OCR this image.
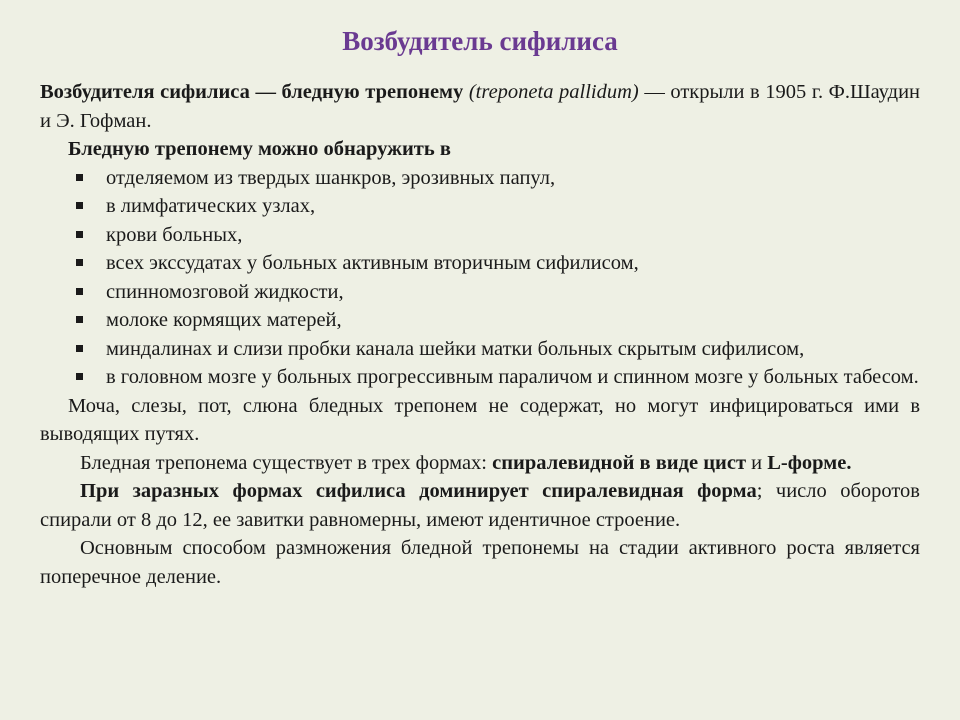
Возбудитель сифилиса

Возбудителя сифилиса — бледную трепонему (treponeta pallidum) — открыли в 1905 г. Ф.Шаудин и Э. Гофман.

Бледную трепонему можно обнаружить в

отделяемом из твердых шанкров, эрозивных папул,
в лимфатических узлах,
крови больных,
всех экссудатах у больных активным вторичным сифилисом,
спинномозговой жидкости,
молоке кормящих матерей,
миндалинах и слизи пробки канала шейки матки больных скрытым сифилисом,
в головном мозге у больных прогрессивным параличом и спинном мозге у больных табесом.

Моча, слезы, пот, слюна бледных трепонем не содержат, но могут инфицироваться ими в выводящих путях.

Бледная трепонема существует в трех формах: спиралевидной в виде цист и L-форме.

При заразных формах сифилиса доминирует спиралевидная форма; число оборотов спирали от 8 до 12, ее завитки равномерны, имеют идентичное строение.

Основным способом размножения бледной трепонемы на стадии активного роста является поперечное деление.
